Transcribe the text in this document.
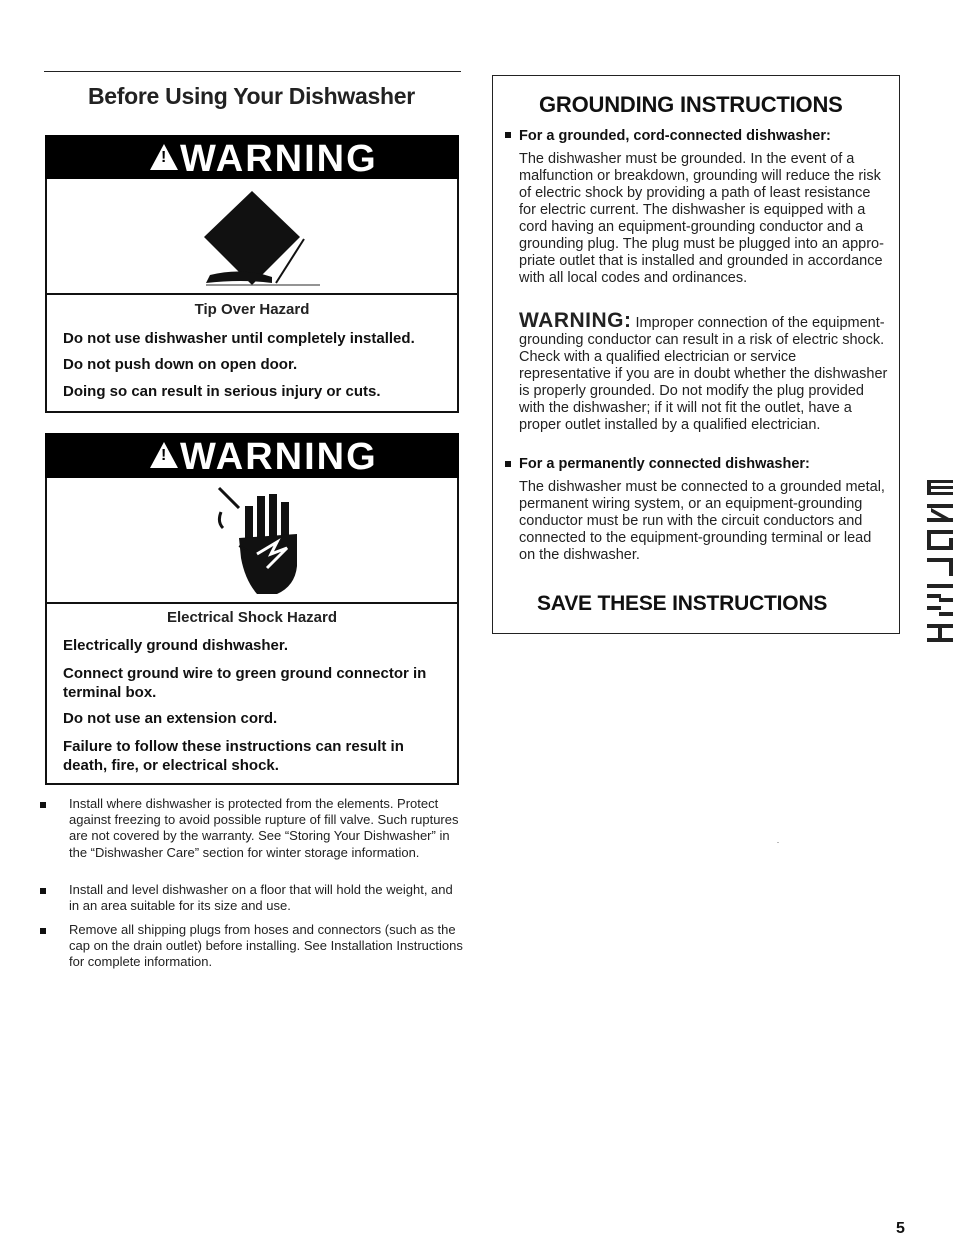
Before Using Your Dishwasher
! WARNING
Tip Over Hazard
Do not use dishwasher until completely installed.
Do not push down on open door.
Doing so can result in serious injury or cuts.
! WARNING
Electrical Shock Hazard
Electrically ground dishwasher.
Connect ground wire to green ground connector in terminal box.
Do not use an extension cord.
Failure to follow these instructions can result in death, fire, or electrical shock.
Install where dishwasher is protected from the elements. Protect against freezing to avoid possible rupture of fill valve. Such ruptures are not covered by the warranty. See “Storing Your Dishwasher” in the “Dishwasher Care” section for winter storage information.
Install and level dishwasher on a floor that will hold the weight, and in an area suitable for its size and use.
Remove all shipping plugs from hoses and connectors (such as the cap on the drain outlet) before installing. See Installation Instructions for complete information.
GROUNDING INSTRUCTIONS
For a grounded, cord-connected dishwasher:
The dishwasher must be grounded. In the event of a malfunction or breakdown, grounding will reduce the risk of electric shock by providing a path of least resistance for electric current. The dishwasher is equipped with a cord having an equipment-grounding conductor and a grounding plug. The plug must be plugged into an appro-priate outlet that is installed and grounded in accordance with all local codes and ordinances.
WARNING: Improper connection of the equipment-grounding conductor can result in a risk of electric shock. Check with a qualified electrician or service representative if you are in doubt whether the dishwasher is properly grounded. Do not modify the plug provided with the dishwasher; if it will not fit the outlet, have a proper outlet installed by a qualified electrician.
For a permanently connected dishwasher:
The dishwasher must be connected to a grounded metal, permanent wiring system, or an equipment-grounding conductor must be run with the circuit conductors and connected to the equipment-grounding terminal or lead on the dishwasher.
SAVE THESE INSTRUCTIONS
5
